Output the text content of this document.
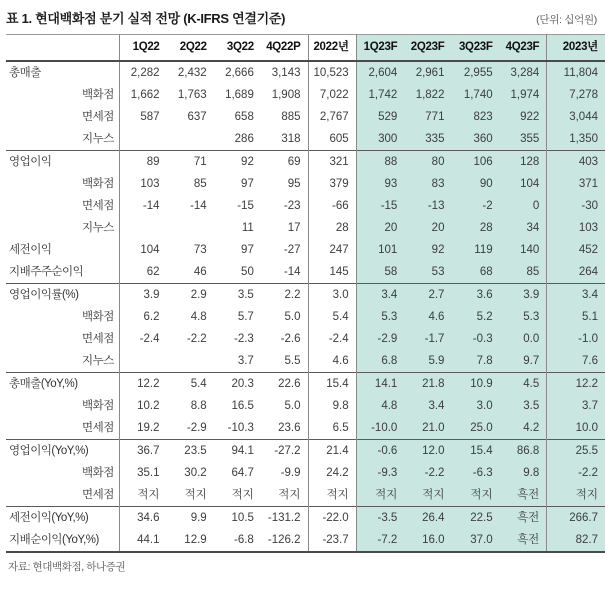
표 1. 현대백화점 분기 실적 전망 (K-IFRS 연결기준)	(단위: 십억원)
	1Q22	2Q22	3Q22	4Q22P	2022년	1Q23F	2Q23F	3Q23F	4Q23F	2023년
총매출	2,282	2,432	2,666	3,143	10,523	2,604	2,961	2,955	3,284	11,804
백화점	1,662	1,763	1,689	1,908	7,022	1,742	1,822	1,740	1,974	7,278
면세점	587	637	658	885	2,767	529	771	823	922	3,044
지누스			286	318	605	300	335	360	355	1,350
영업이익	89	71	92	69	321	88	80	106	128	403
백화점	103	85	97	95	379	93	83	90	104	371
면세점	-14	-14	-15	-23	-66	-15	-13	-2	0	-30
지누스			11	17	28	20	20	28	34	103
세전이익	104	73	97	-27	247	101	92	119	140	452
지배주주순이익	62	46	50	-14	145	58	53	68	85	264
영업이익률(%)	3.9	2.9	3.5	2.2	3.0	3.4	2.7	3.6	3.9	3.4
백화점	6.2	4.8	5.7	5.0	5.4	5.3	4.6	5.2	5.3	5.1
면세점	-2.4	-2.2	-2.3	-2.6	-2.4	-2.9	-1.7	-0.3	0.0	-1.0
지누스			3.7	5.5	4.6	6.8	5.9	7.8	9.7	7.6
총매출(YoY,%)	12.2	5.4	20.3	22.6	15.4	14.1	21.8	10.9	4.5	12.2
백화점	10.2	8.8	16.5	5.0	9.8	4.8	3.4	3.0	3.5	3.7
면세점	19.2	-2.9	-10.3	23.6	6.5	-10.0	21.0	25.0	4.2	10.0
영업이익(YoY,%)	36.7	23.5	94.1	-27.2	21.4	-0.6	12.0	15.4	86.8	25.5
백화점	35.1	30.2	64.7	-9.9	24.2	-9.3	-2.2	-6.3	9.8	-2.2
면세점	적지	적지	적지	적지	적지	적지	적지	적지	흑전	적지
세전이익(YoY,%)	34.6	9.9	10.5	-131.2	-22.0	-3.5	26.4	22.5	흑전	266.7
지배순이익(YoY,%)	44.1	12.9	-6.8	-126.2	-23.7	-7.2	16.0	37.0	흑전	82.7
자료: 현대백화점, 하나증권
